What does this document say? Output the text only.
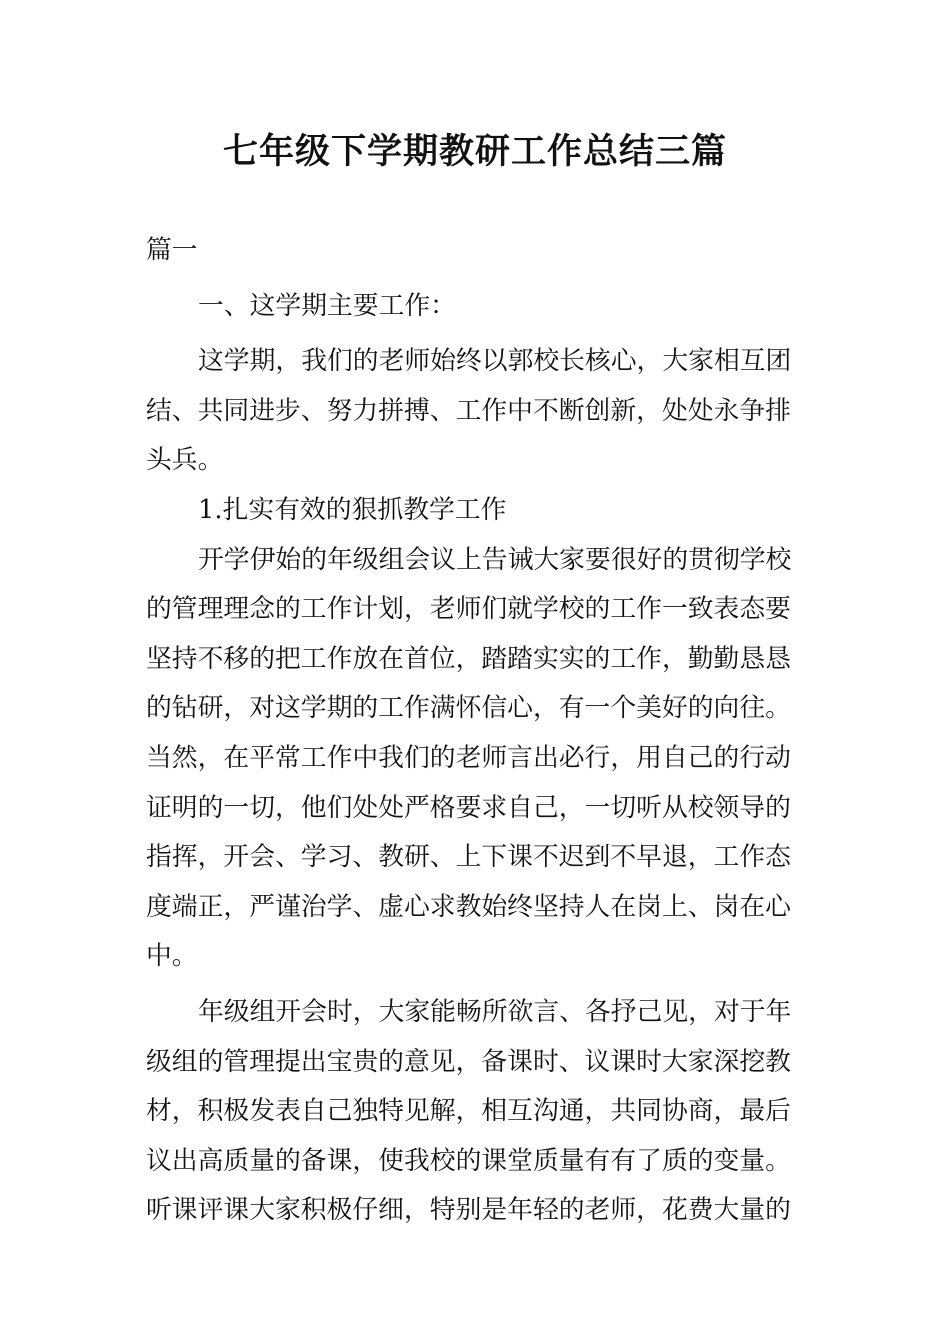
七年级下学期教研工作总结三篇

篇一

一、这学期主要工作：

这学期，我们的老师始终以郭校长核心，大家相互团

结、共同进步、努力拼搏、工作中不断创新，处处永争排

头兵。

1.扎实有效的狠抓教学工作

开学伊始的年级组会议上告诫大家要很好的贯彻学校

的管理理念的工作计划，老师们就学校的工作一致表态要

坚持不移的把工作放在首位，踏踏实实的工作，勤勤恳恳

的钻研，对这学期的工作满怀信心，有一个美好的向往。

当然，在平常工作中我们的老师言出必行，用自己的行动

证明的一切，他们处处严格要求自己，一切听从校领导的

指挥，开会、学习、教研、上下课不迟到不早退，工作态

度端正，严谨治学、虚心求教始终坚持人在岗上、岗在心

中。

年级组开会时，大家能畅所欲言、各抒己见，对于年

级组的管理提出宝贵的意见，备课时、议课时大家深挖教

材，积极发表自己独特见解，相互沟通，共同协商，最后

议出高质量的备课，使我校的课堂质量有有了质的变量。

听课评课大家积极仔细，特别是年轻的老师，花费大量的
